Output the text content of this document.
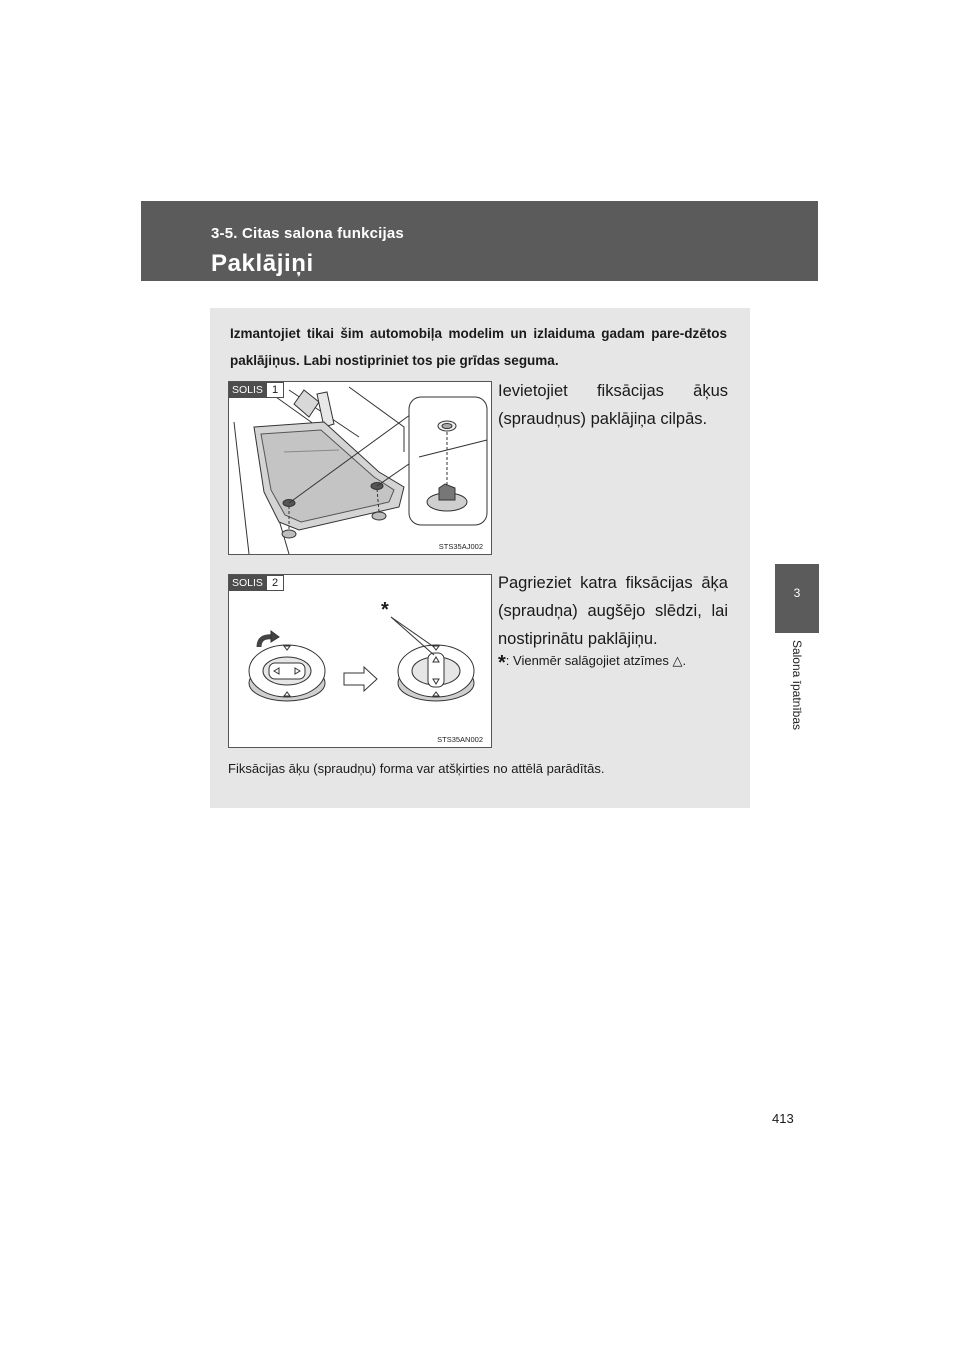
3-5. Citas salona funkcijas
Paklājiņi
3
Salona īpatnības
Izmantojiet tikai šim automobiļa modelim un izlaiduma gadam pare-dzētos paklājiņus. Labi nostipriniet tos pie grīdas seguma.
SOLIS 1
STS35AJ002
Ievietojiet fiksācijas āķus (spraudņus) paklājiņa cilpās.
*
SOLIS 2
STS35AN002
Pagrieziet katra fiksācijas āķa (spraudņa) augšējo slēdzi, lai nostiprinātu paklājiņu.
*: Vienmēr salāgojiet atzīmes △.
Fiksācijas āķu (spraudņu) forma var atšķirties no attēlā parādītās.
413
